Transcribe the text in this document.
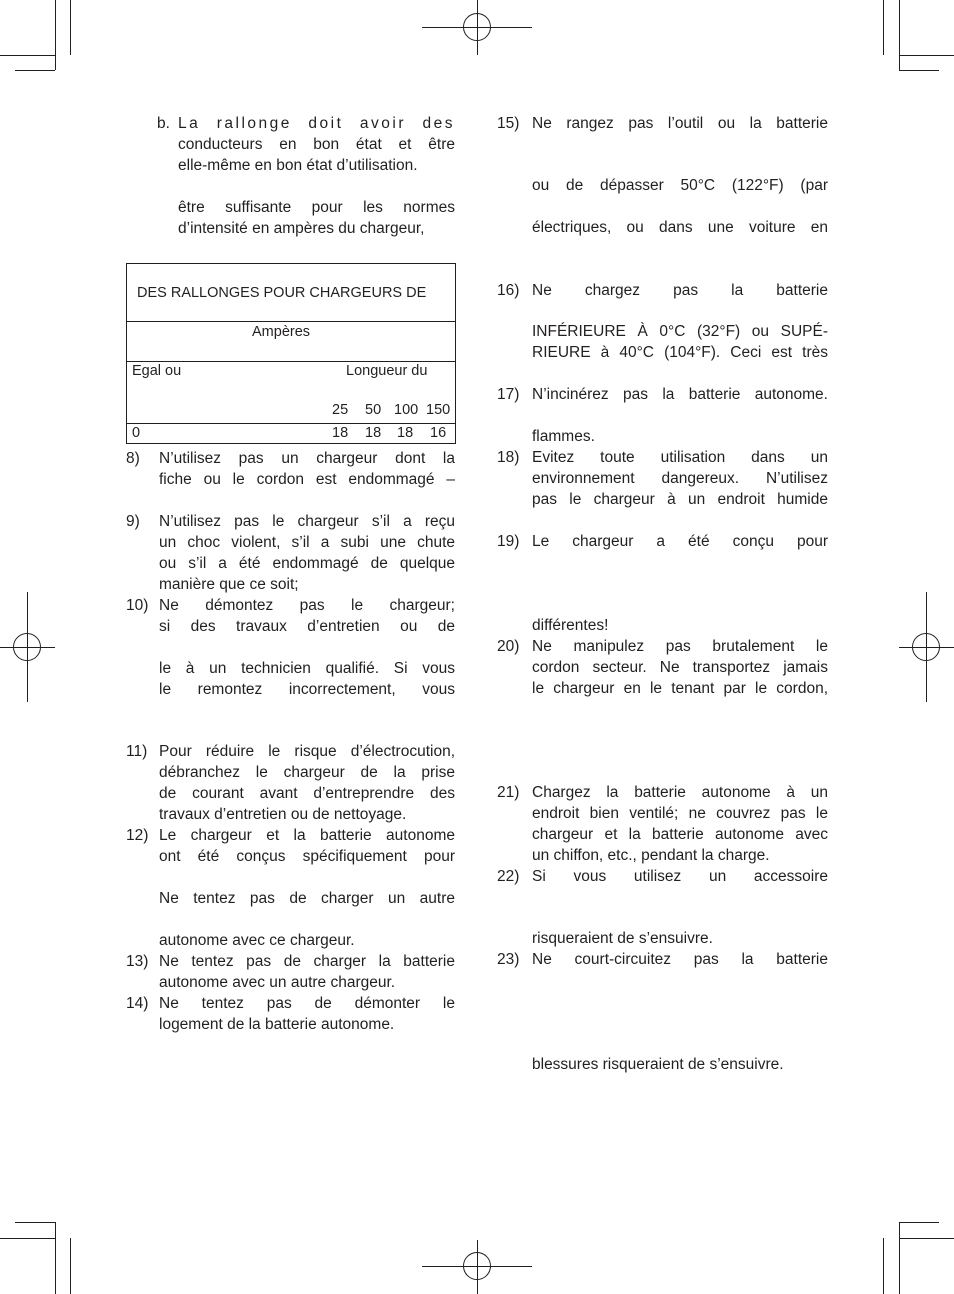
b. La rallonge doit avoir des
conducteurs en bon état et être
elle-même en bon état d’utilisation.
être suffisante pour les normes
d’intensité en ampères du chargeur,
DES RALLONGES POUR CHARGEURS DE
Ampères

Egal ou	Longueur du
25 50 100 150

0	18 18 18 16
8) N’utilisez pas un chargeur dont la
fiche ou le cordon est endommagé –
9) N’utilisez pas le chargeur s’il a reçu
un choc violent, s’il a subi une chute
ou s’il a été endommagé de quelque
manière que ce soit;
10) Ne démontez pas le chargeur;
si des travaux d’entretien ou de
le à un technicien qualifié. Si vous
le remontez incorrectement, vous
11) Pour réduire le risque d’électrocution,
débranchez le chargeur de la prise
de courant avant d’entreprendre des
travaux d’entretien ou de nettoyage.
12) Le chargeur et la batterie autonome
ont été conçus spécifiquement pour
Ne tentez pas de charger un autre
autonome avec ce chargeur.
13) Ne tentez pas de charger la batterie
autonome avec un autre chargeur.
14) Ne tentez pas de démonter le
logement de la batterie autonome.
15) Ne rangez pas l’outil ou la batterie
ou de dépasser 50°C (122°F) (par
électriques, ou dans une voiture en
16) Ne chargez pas la batterie
INFÉRIEURE À 0°C (32°F) ou SUPÉ-
RIEURE à 40°C (104°F). Ceci est très
17) N’incinérez pas la batterie autonome.
flammes.
18) Evitez toute utilisation dans un
environnement dangereux. N’utilisez
pas le chargeur à un endroit humide
19) Le chargeur a été conçu pour
différentes!
20) Ne manipulez pas brutalement le
cordon secteur. Ne transportez jamais
le chargeur en le tenant par le cordon,
21) Chargez la batterie autonome à un
endroit bien ventilé; ne couvrez pas le
chargeur et la batterie autonome avec
un chiffon, etc., pendant la charge.
22) Si vous utilisez un accessoire
risqueraient de s’ensuivre.
23) Ne court-circuitez pas la batterie
blessures risqueraient de s’ensuivre.
